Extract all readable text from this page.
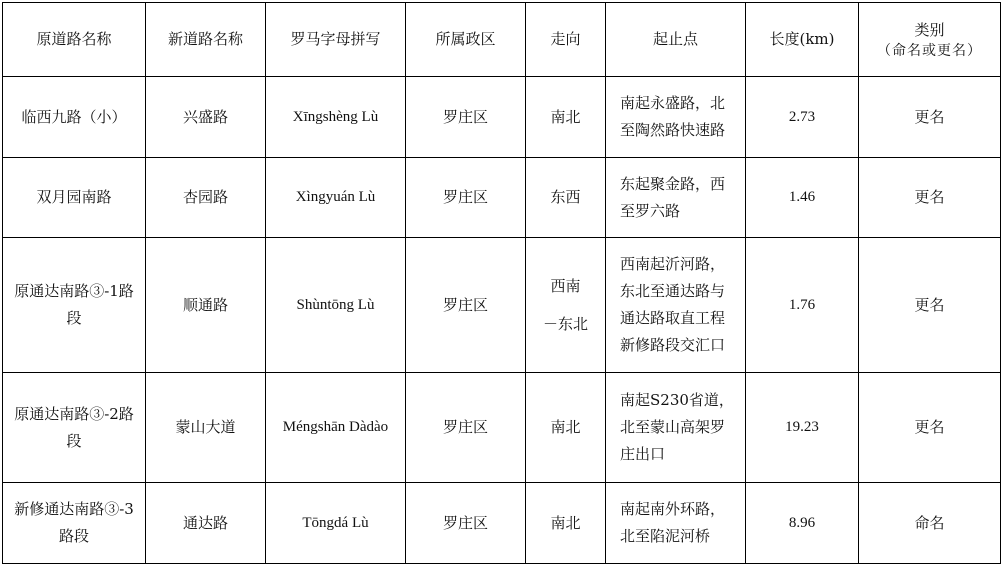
原道路名称	新道路名称	罗马字母拼写	所属政区	走向	起止点	长度(km)	类别
（命名或更名）

临西九路（小）	兴盛路	Xīngshèng Lù	罗庄区	南北	南起永盛路，北
至陶然路快速路	2.73	更名

双月园南路	杏园路	Xìngyuán Lù	罗庄区	东西	东起聚金路，西
至罗六路	1.46	更名

原通达南路③-1路
段	顺通路	Shùntōng Lù	罗庄区	西南
－东北	西南起沂河路，
东北至通达路与
通达路取直工程
新修路段交汇口	1.76	更名

原通达南路③-2路
段	蒙山大道	Méngshān Dàdào	罗庄区	南北	南起S230省道，
北至蒙山高架罗
庄出口	19.23	更名

新修通达南路③-3
路段	通达路	Tōngdá Lù	罗庄区	南北	南起南外环路，
北至陷泥河桥	8.96	命名
